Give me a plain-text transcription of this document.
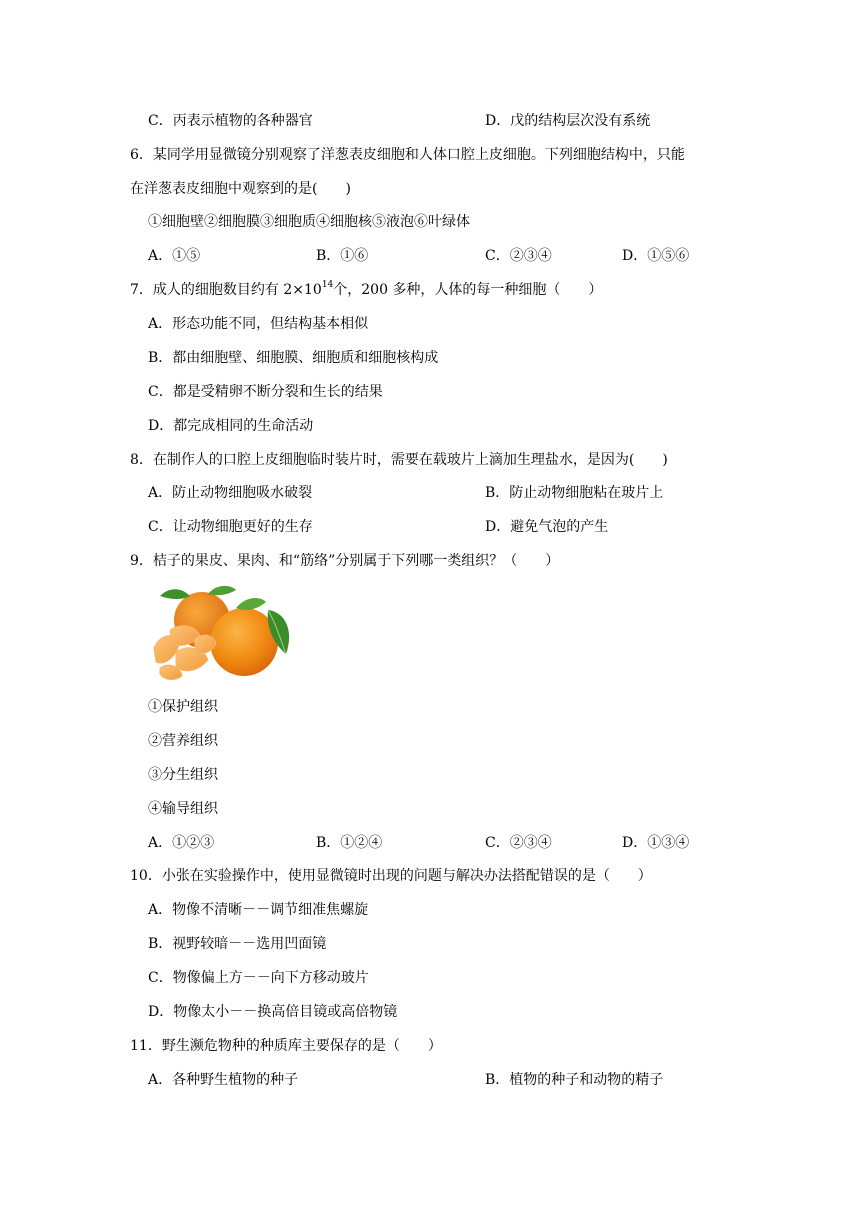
C．丙表示植物的各种器官	D．戊的结构层次没有系统
6．某同学用显微镜分别观察了洋葱表皮细胞和人体口腔上皮细胞。下列细胞结构中，只能
在洋葱表皮细胞中观察到的是(　　)
①细胞壁②细胞膜③细胞质④细胞核⑤液泡⑥叶绿体
A．①⑤	B．①⑥	C．②③④	D．①⑤⑥
7．成人的细胞数目约有 $2\times 10^{14}$个，200 多种，人体的每一种细胞（　　）
A．形态功能不同，但结构基本相似
B．都由细胞壁、细胞膜、细胞质和细胞核构成
C．都是受精卵不断分裂和生长的结果
D．都完成相同的生命活动
8．在制作人的口腔上皮细胞临时装片时，需要在载玻片上滴加生理盐水，是因为(　　)
A．防止动物细胞吸水破裂	B．防止动物细胞粘在玻片上
C．让动物细胞更好的生存	D．避免气泡的产生
9．桔子的果皮、果肉、和“筋络”分别属于下列哪一类组织？（　　）
①保护组织
②营养组织
③分生组织
④输导组织
A．①②③	B．①②④	C．②③④	D．①③④
10．小张在实验操作中，使用显微镜时出现的问题与解决办法搭配错误的是（　　）
A．物像不清晰－－调节细准焦螺旋
B．视野较暗－－选用凹面镜
C．物像偏上方－－向下方移动玻片
D．物像太小－－换高倍目镜或高倍物镜
11．野生濒危物种的种质库主要保存的是（　　）
A．各种野生植物的种子	B．植物的种子和动物的精子
